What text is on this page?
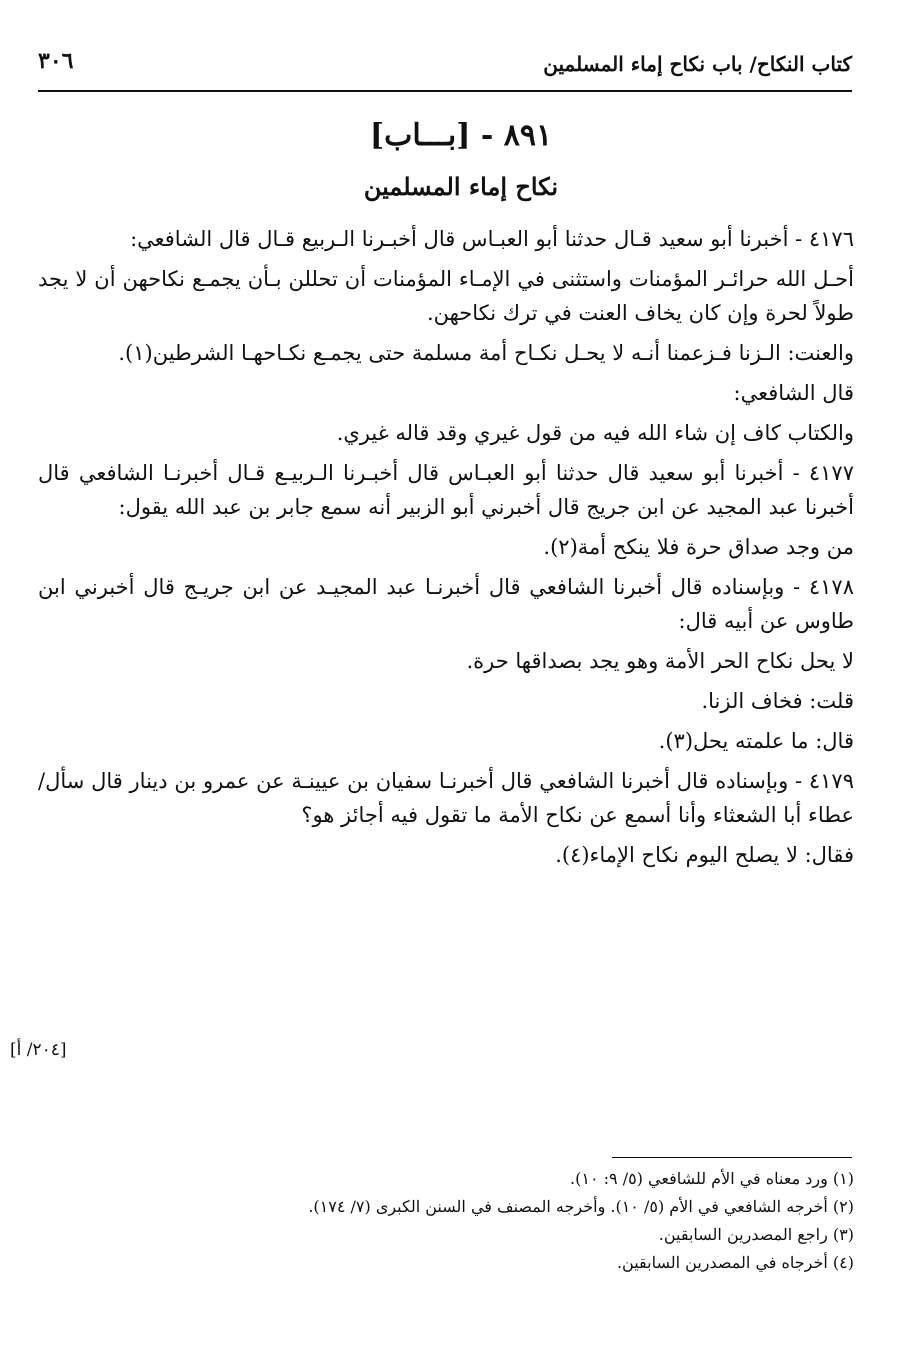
كتاب النكاح/ باب نكاح إماء المسلمين
٣٠٦
٨٩١ - [بـــاب]
نكاح إماء المسلمين

٤١٧٦ - أخبرنا أبو سعيد قـال حدثنا أبو العبـاس قال أخبـرنا الـربيع قـال قال الشافعي:

أحـل الله حرائـر المؤمنات واستثنى في الإمـاء المؤمنات أن تحللن بـأن يجمـع نكاحهن أن لا يجد طولاً لحرة وإن كان يخاف العنت في ترك نكاحهن.

والعنت: الـزنا فـزعمنا أنـه لا يحـل نكـاح أمة مسلمة حتى يجمـع نكـاحهـا الشرطين(١).

قال الشافعي:

والكتاب كاف إن شاء الله فيه من قول غيري وقد قاله غيري.

٤١٧٧ - أخبرنا أبو سعيد قال حدثنا أبو العبـاس قال أخبـرنا الـربيـع قـال أخبرنـا الشافعي قال أخبرنا عبد المجيد عن ابن جريج قال أخبرني أبو الزبير أنه سمع جابر بن عبد الله يقول:

من وجد صداق حرة فلا ينكح أمة(٢).

٤١٧٨ - وبإسناده قال أخبرنا الشافعي قال أخبرنـا عبد المجيـد عن ابن جريـج قال أخبرني ابن طاوس عن أبيه قال:

لا يحل نكاح الحر الأمة وهو يجد بصداقها حرة.

قلت: فخاف الزنا.

قال: ما علمته يحل(٣).

٤١٧٩ - وبإسناده قال أخبرنا الشافعي قال أخبرنـا سفيان بن عيينـة عن عمرو بن دينار قال سأل/ عطاء أبا الشعثاء وأنا أسمع عن نكاح الأمة ما تقول فيه أجائز هو؟

فقال: لا يصلح اليوم نكاح الإماء(٤).

[٢٠٤/ أ]
(١) ورد معناه في الأم للشافعي (٥/ ٩: ١٠).
(٢) أخرجه الشافعي في الأم (٥/ ١٠). وأخرجه المصنف في السنن الكبرى (٧/ ١٧٤).
(٣) راجع المصدرين السابقين.
(٤) أخرجاه في المصدرين السابقين.
